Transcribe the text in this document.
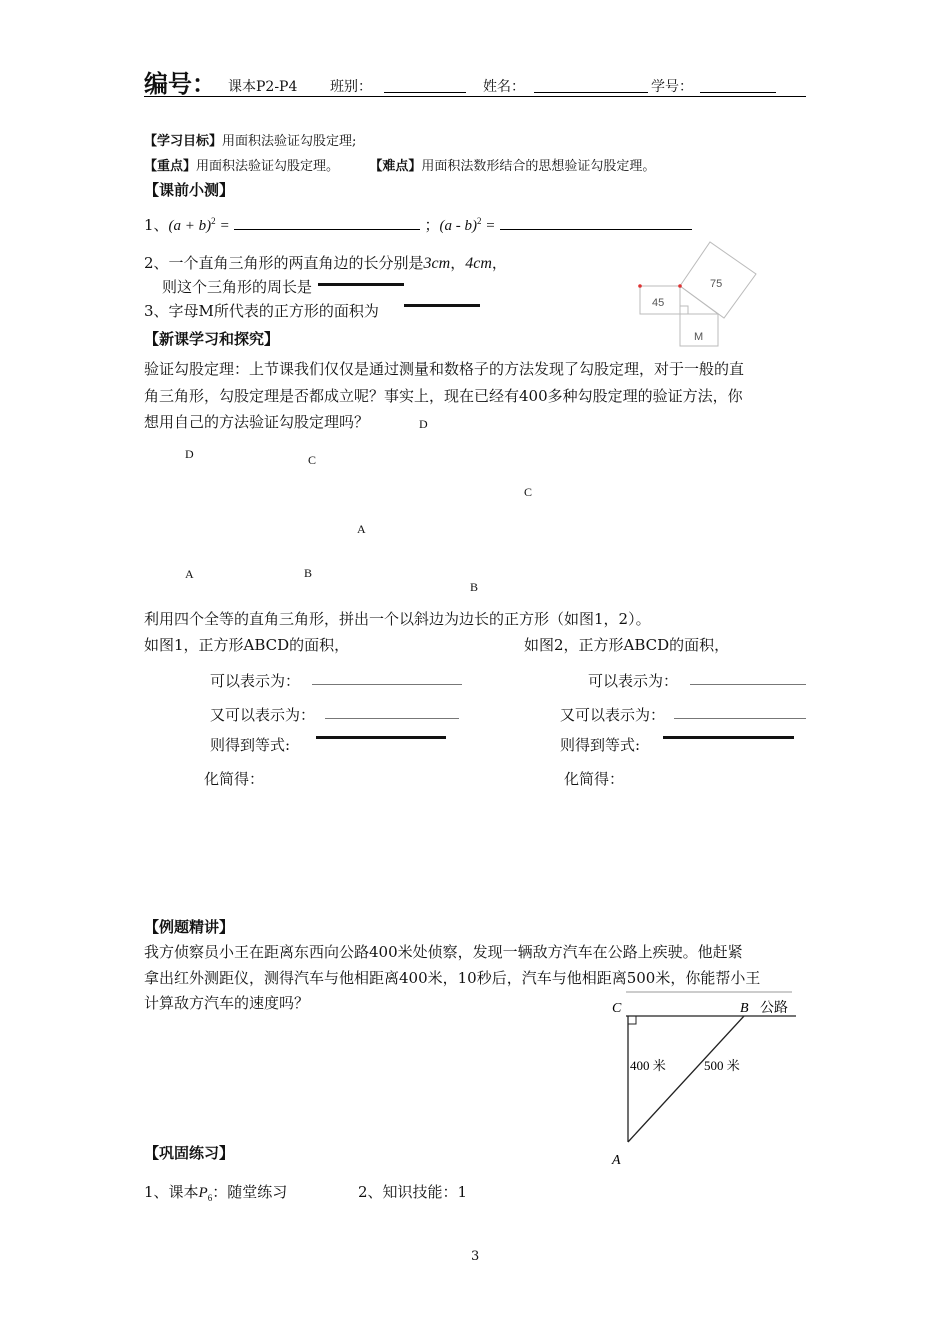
编号： 课本P2-P4 班别：	姓名：	学号：
【学习目标】用面积法验证勾股定理;
【重点】用面积法验证勾股定理。 【难点】用面积法数形结合的思想验证勾股定理。
【课前小测】
1、$(a + b)^2$ =	；(a - b)$^2$ =
2、一个直角三角形的两直角边的长分别是3cm，4cm，
则这个三角形的周长是
3、字母M所代表的正方形的面积为
75
45
M
【新课学习和探究】
验证勾股定理：上节课我们仅仅是通过测量和数格子的方法发现了勾股定理，对于一般的直
角三角形，勾股定理是否都成立呢？事实上，现在已经有400多种勾股定理的验证方法，你
想用自己的方法验证勾股定理吗？	D
D	C
C
A
A	B
B
利用四个全等的直角三角形，拼出一个以斜边为边长的正方形（如图1，2）。
如图1，正方形ABCD的面积，	如图2，正方形ABCD的面积，
可以表示为：
又可以表示为：
则得到等式:
化简得：
可以表示为：
又可以表示为：
则得到等式:
化简得：
【例题精讲】
我方侦察员小王在距离东西向公路400米处侦察，发现一辆敌方汽车在公路上疾驶。他赶紧
拿出红外测距仪，测得汽车与他相距离400米，10秒后，汽车与他相距离500米，你能帮小王
计算敌方汽车的速度吗？	C	B 公路
400 米	500 米
A
【巩固练习】
1、课本$P_6$：随堂练习	2、知识技能：1
3
